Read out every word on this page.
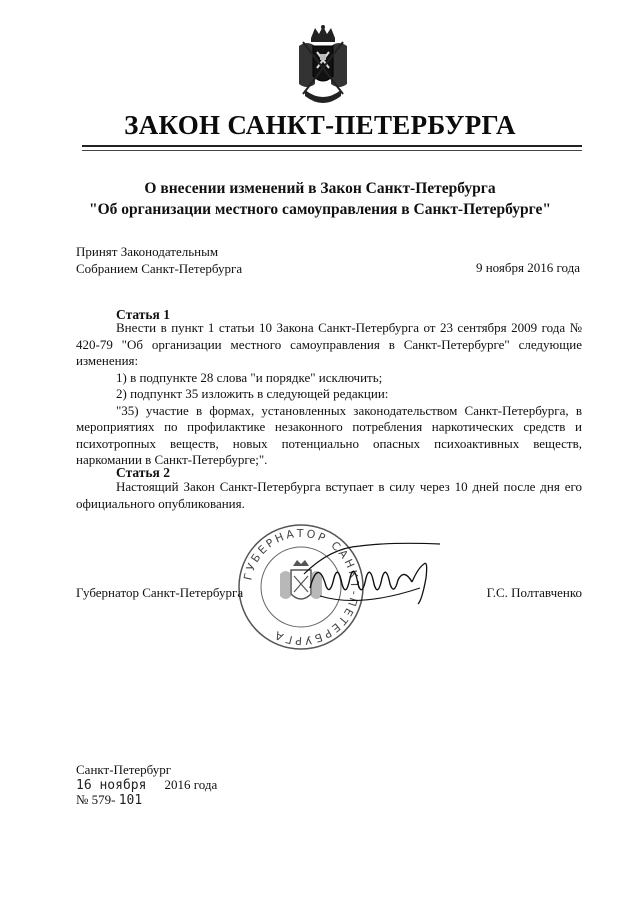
ЗАКОН САНКТ-ПЕТЕРБУРГА
О внесении изменений в Закон Санкт-Петербурга
"Об организации местного самоуправления в Санкт-Петербурге"
Принят Законодательным
Собранием Санкт-Петербурга	9 ноября 2016 года
Статья 1

Внести в пункт 1 статьи 10 Закона Санкт-Петербурга от 23 сентября 2009 года № 420-79 "Об организации местного самоуправления в Санкт-Петербурге" следующие изменения:

1) в подпункте 28 слова "и порядке" исключить;

2) подпункт 35 изложить в следующей редакции:

"35) участие в формах, установленных законодательством Санкт-Петербурга, в мероприятиях по профилактике незаконного потребления наркотических средств и психотропных веществ, новых потенциально опасных психоактивных веществ, наркомании в Санкт-Петербурге;".

Статья 2

Настоящий Закон Санкт-Петербурга вступает в силу через 10 дней после дня его официального опубликования.

ГУБЕРНАТОР САНКТ-ПЕТЕРБУРГА
Губернатор Санкт-Петербурга	Г.С. Полтавченко
Санкт-Петербург
16 ноября 2016 года
№ 579- 101
